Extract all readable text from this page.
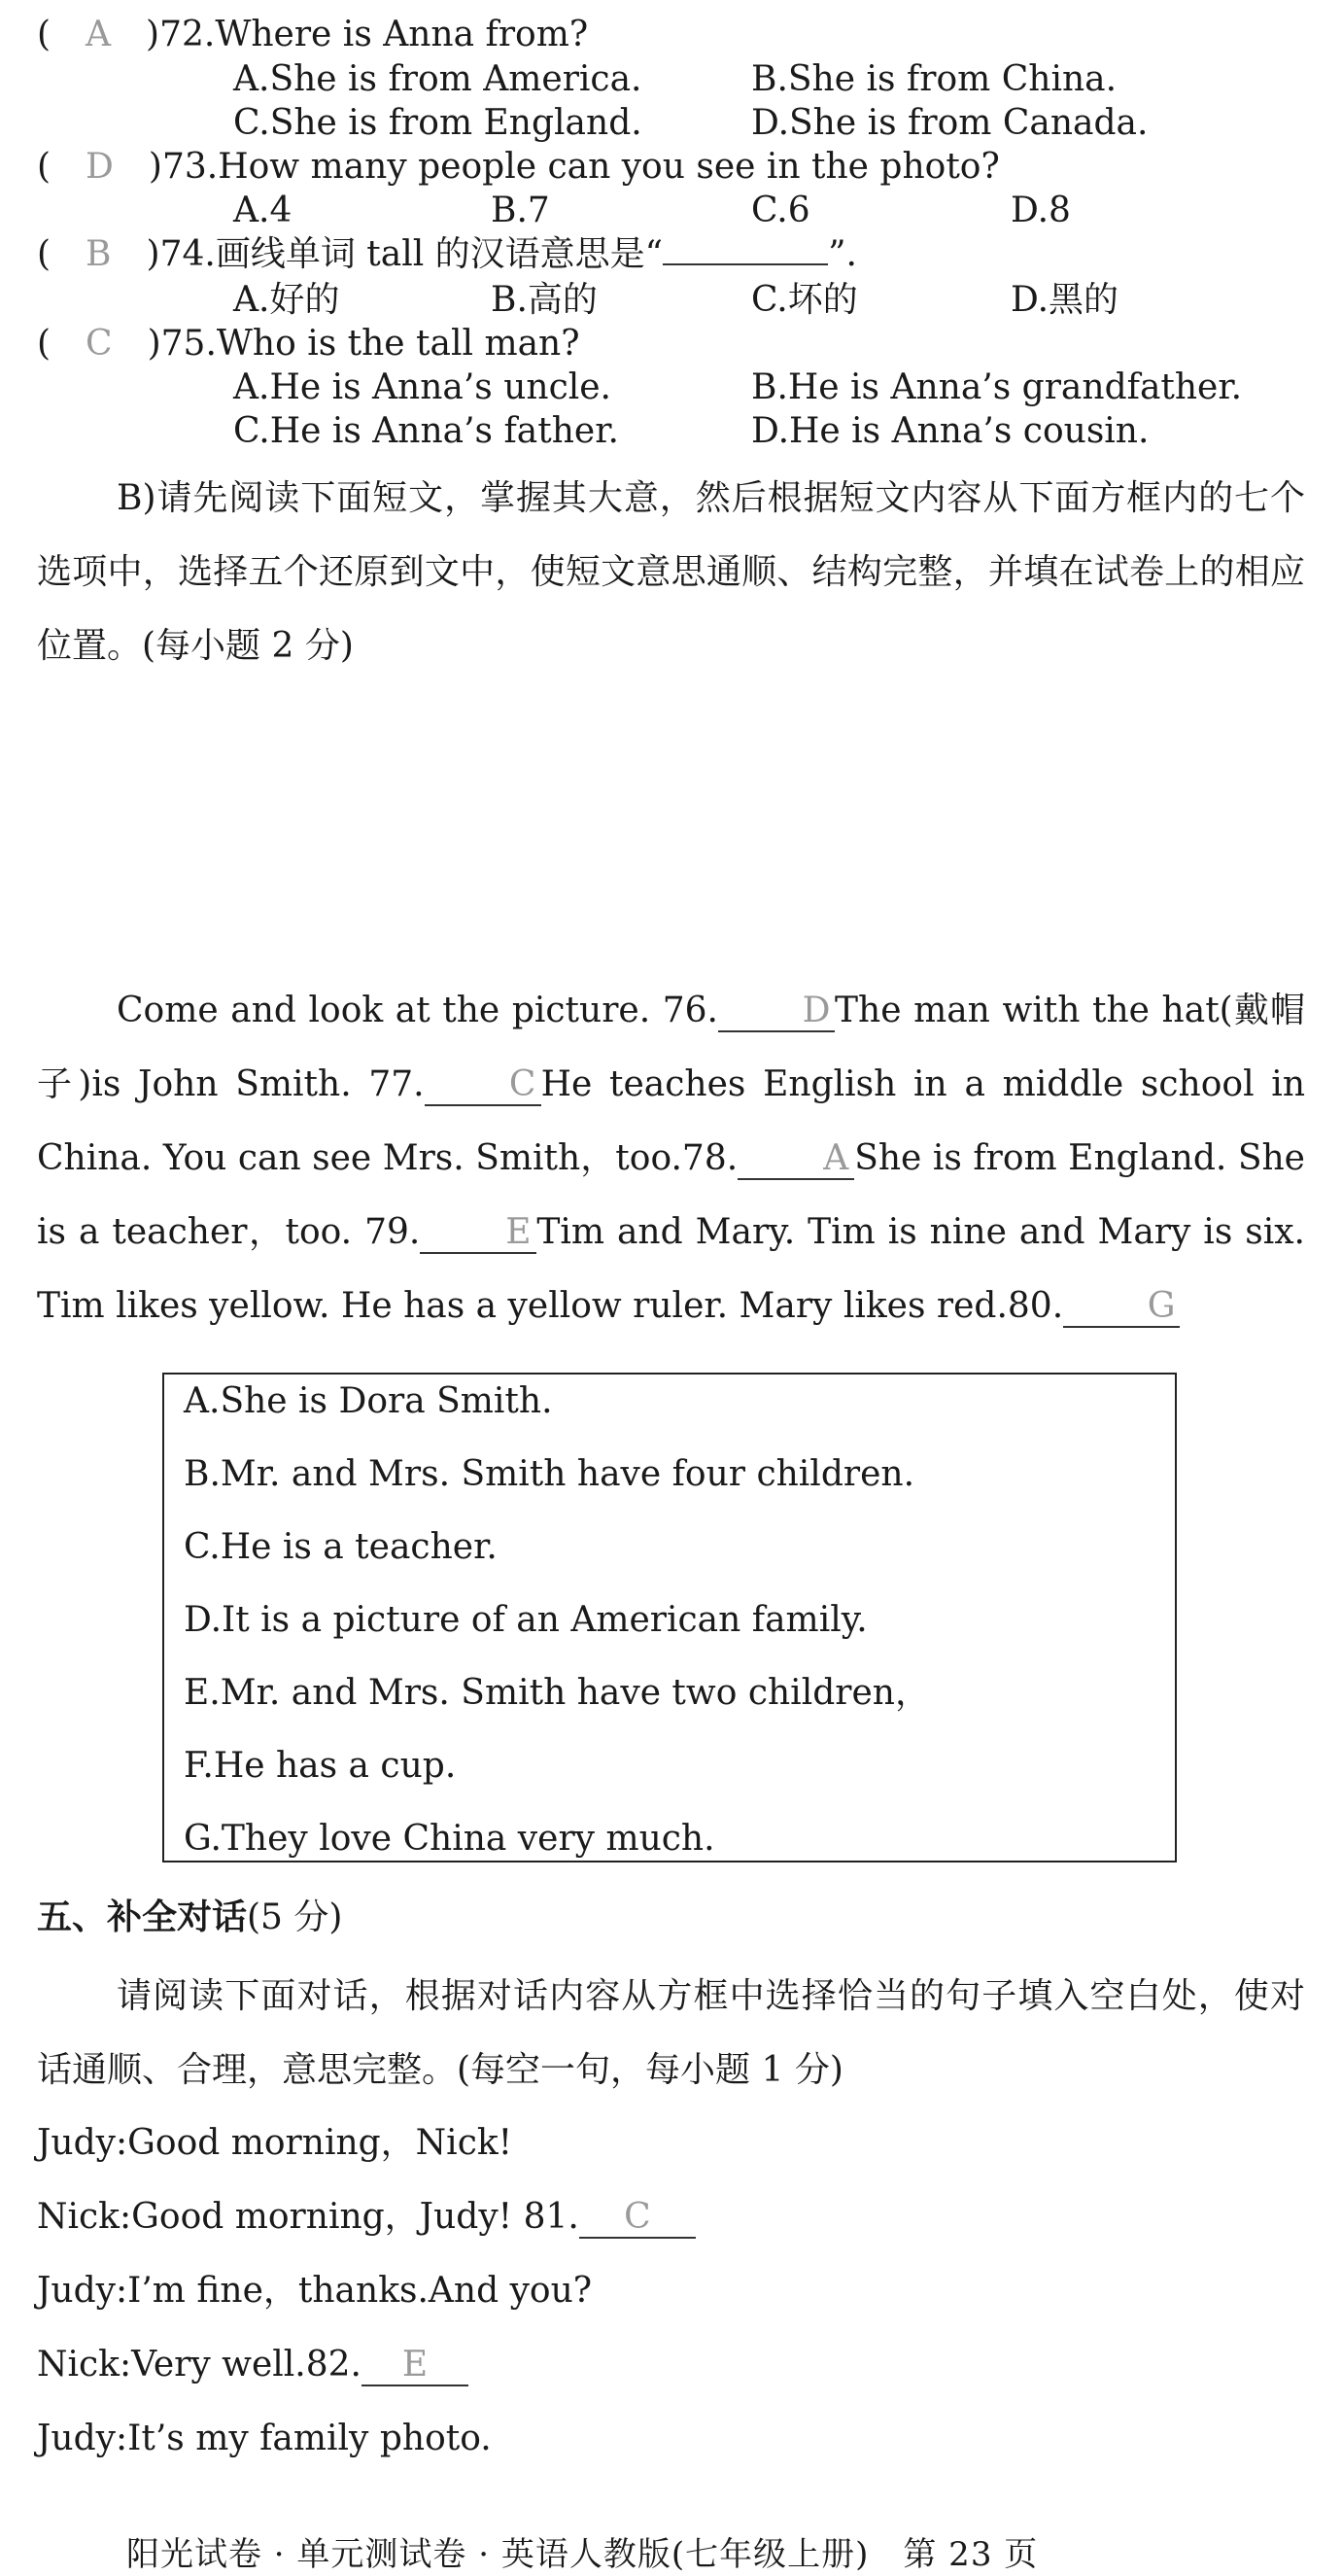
(　A　)72.Where is Anna from?
A.She is from America.	B.She is from China.
C.She is from England.	D.She is from Canada.
(　D　)73.How many people can you see in the photo?
A.4	B.7	C.6	D.8
(　B　)74.画线单词 tall 的汉语意思是“	”.
A.好的	B.高的	C.坏的	D.黑的
(　C　)75.Who is the tall man?
A.He is Anna’s uncle.	B.He is Anna’s grandfather.
C.He is Anna’s father.	D.He is Anna’s cousin.
B)请先阅读下面短文，掌握其大意，然后根据短文内容从下面方框内的七个选项中，选择五个还原到文中，使短文意思通顺、结构完整，并填在试卷上的相应位置。(每小题 2 分)
Come and look at the picture. 76. D The man with the hat(戴帽子)is John Smith. 77. C He teaches English in a middle school in China. You can see Mrs. Smith，too.78. A She is from England. She is a teacher，too. 79. E Tim and Mary. Tim is nine and Mary is six. Tim likes yellow. He has a yellow ruler. Mary likes red.80. G
A.She is Dora Smith.
B.Mr. and Mrs. Smith have four children.
C.He is a teacher.
D.It is a picture of an American family.
E.Mr. and Mrs. Smith have two children，
F.He has a cup.
G.They love China very much.
五、补全对话(5 分)
请阅读下面对话，根据对话内容从方框中选择恰当的句子填入空白处，使对话通顺、合理，意思完整。(每空一句，每小题 1 分)
Judy:Good morning，Nick!
Nick:Good morning，Judy! 81. C
Judy:I’m fine，thanks.And you?
Nick:Very well.82. E
Judy:It’s my family photo.
阳光试卷 · 单元测试卷 · 英语人教版(七年级上册)　第 23 页
